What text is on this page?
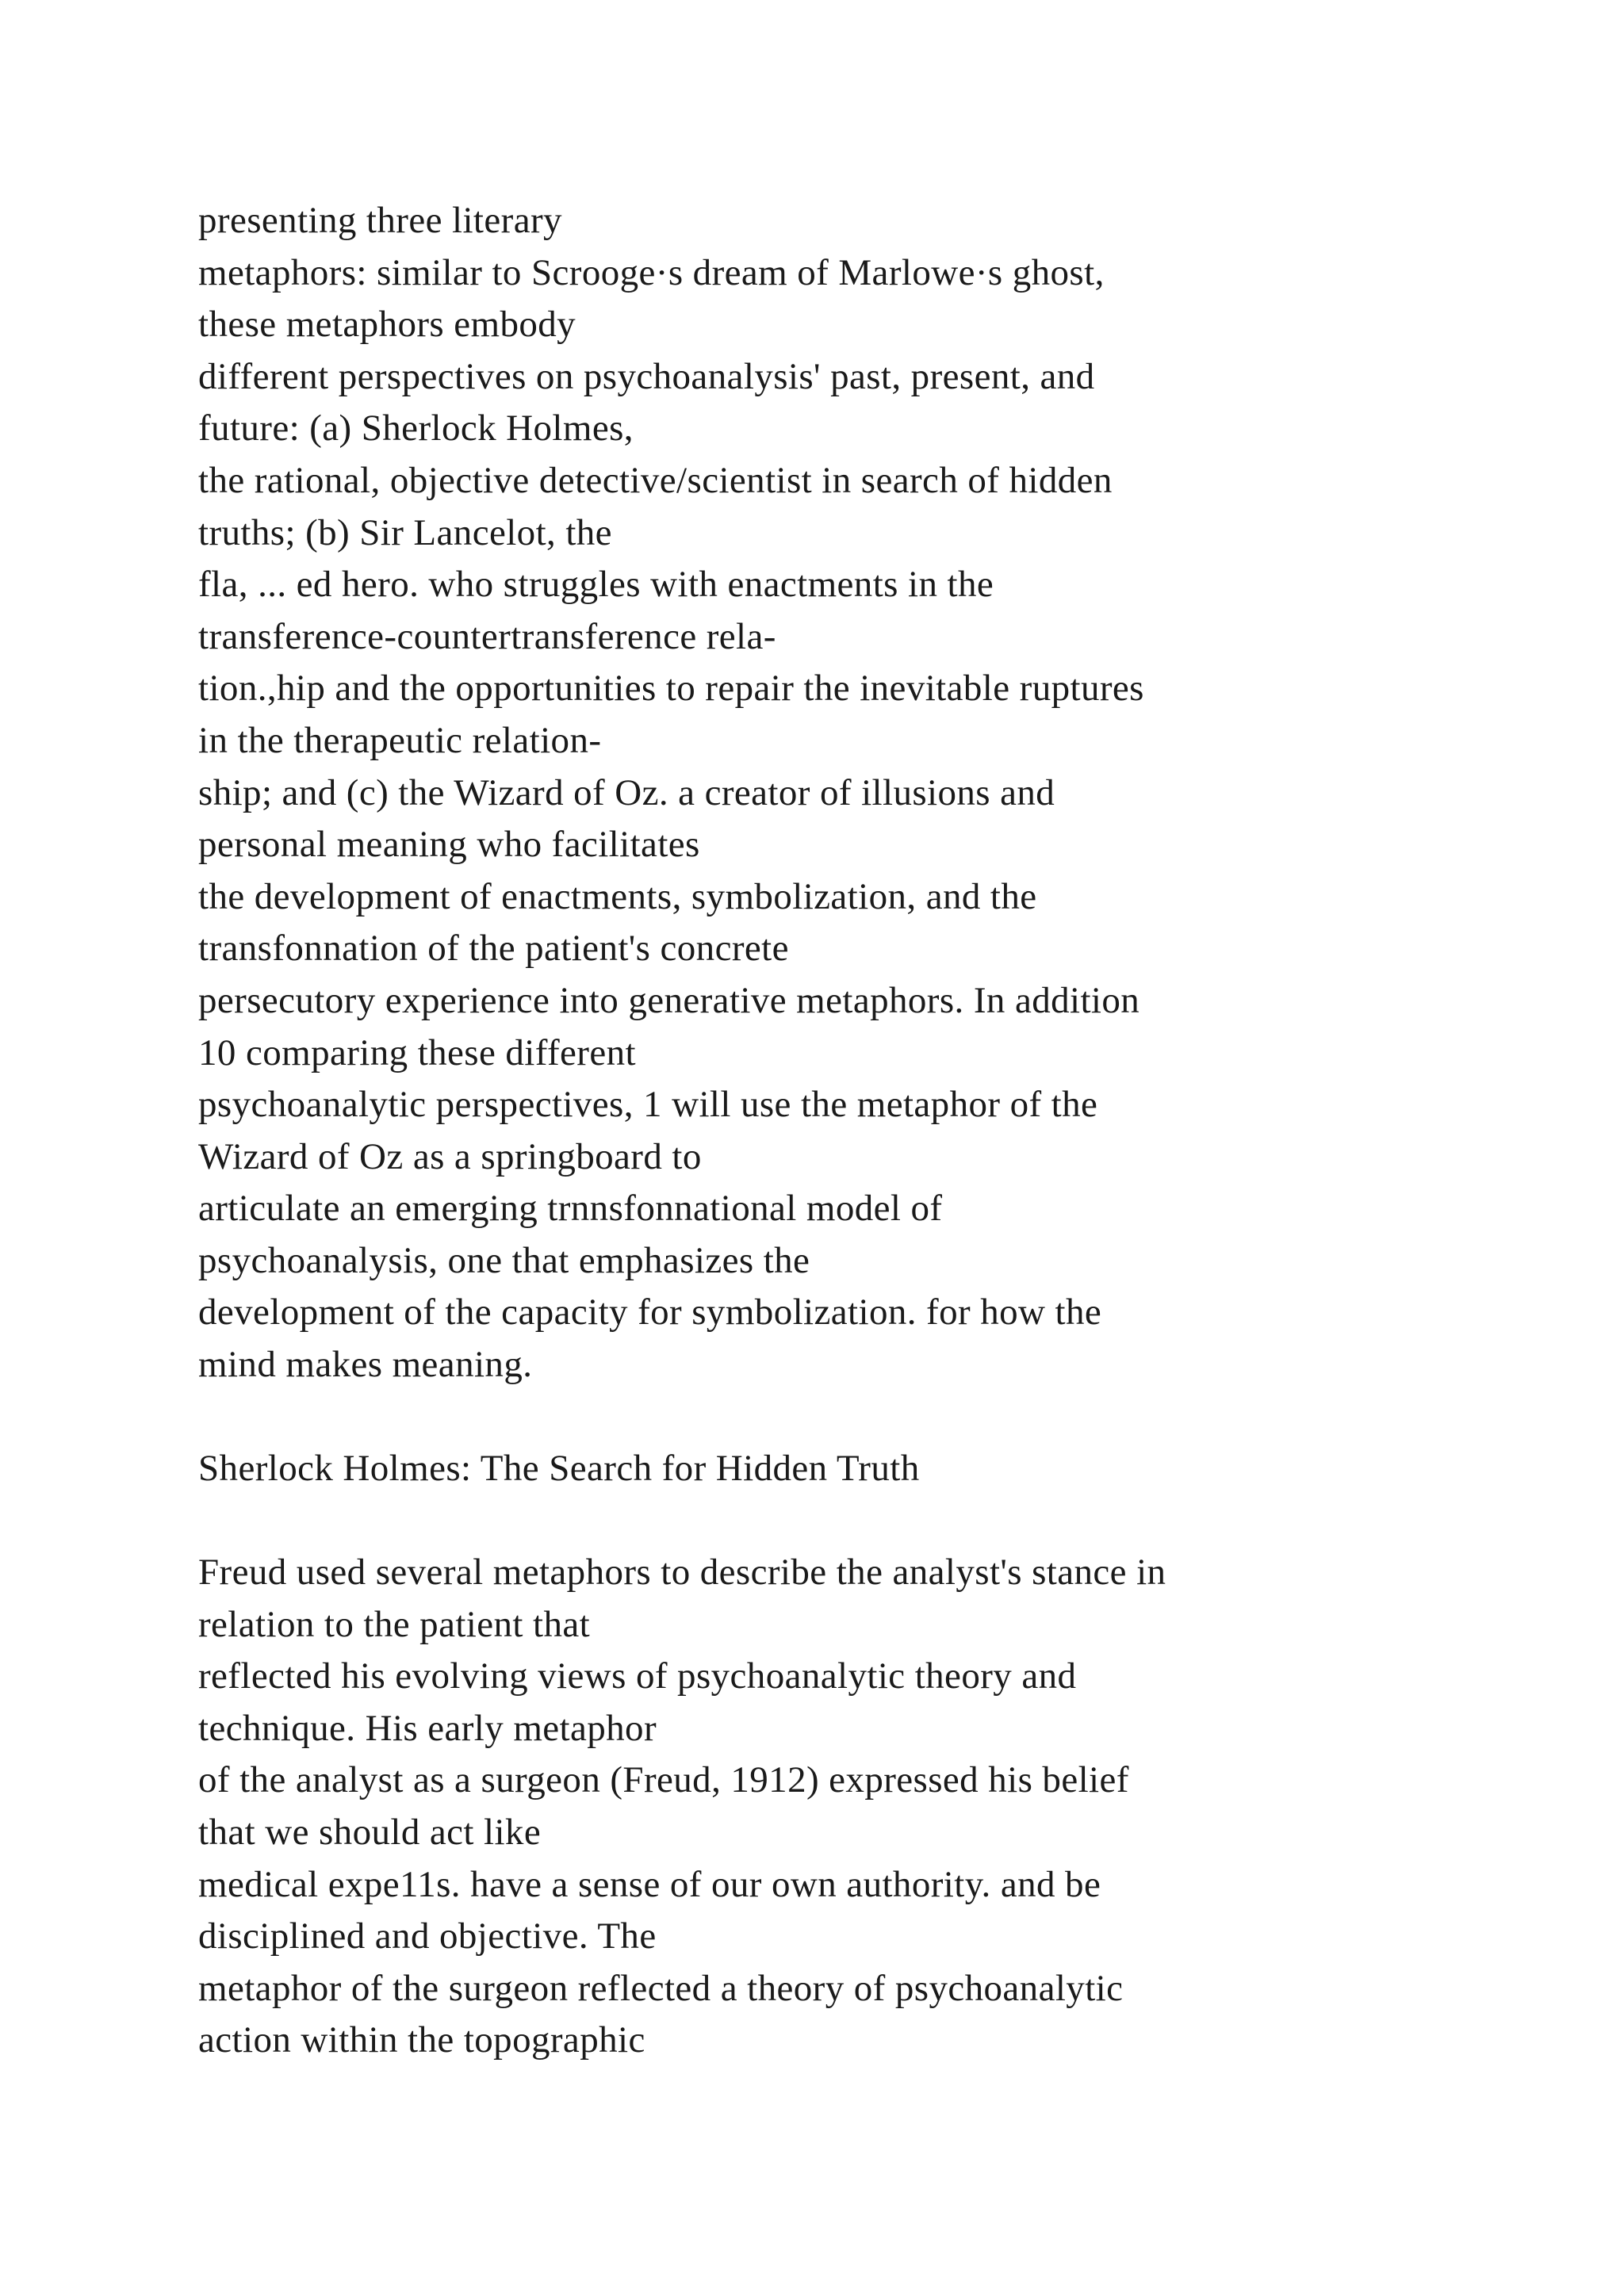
presenting three literary
metaphors: similar to Scrooge·s dream of Marlowe·s ghost,
these metaphors embody
different perspectives on psychoanalysis' past, present, and
future: (a) Sherlock Holmes,
the rational, objective detective/scientist in search of hidden
truths; (b) Sir Lancelot, the
fla, ... ed hero. who struggles with enactments in the
transference-countertransference rela-
tion.,hip and the opportunities to repair the inevitable ruptures
in the therapeutic relation-
ship; and (c) the Wizard of Oz. a creator of illusions and
personal meaning who facilitates
the development of enactments, symbolization, and the
transfonnation of the patient's concrete
persecutory experience into generative metaphors. In addition
10 comparing these different
psychoanalytic perspectives, 1 will use the metaphor of the
Wizard of Oz as a springboard to
articulate an emerging trnnsfonnational model of
psychoanalysis, one that emphasizes the
development of the capacity for symbolization. for how the
mind makes meaning.
Sherlock Holmes: The Search for Hidden Truth
Freud used several metaphors to describe the analyst's stance in
relation to the patient that
reflected his evolving views of psychoanalytic theory and
technique. His early metaphor
of the analyst as a surgeon (Freud, 1912) expressed his belief
that we should act like
medical expe11s. have a sense of our own authority. and be
disciplined and objective. The
metaphor of the surgeon reflected a theory of psychoanalytic
action within the topographic
